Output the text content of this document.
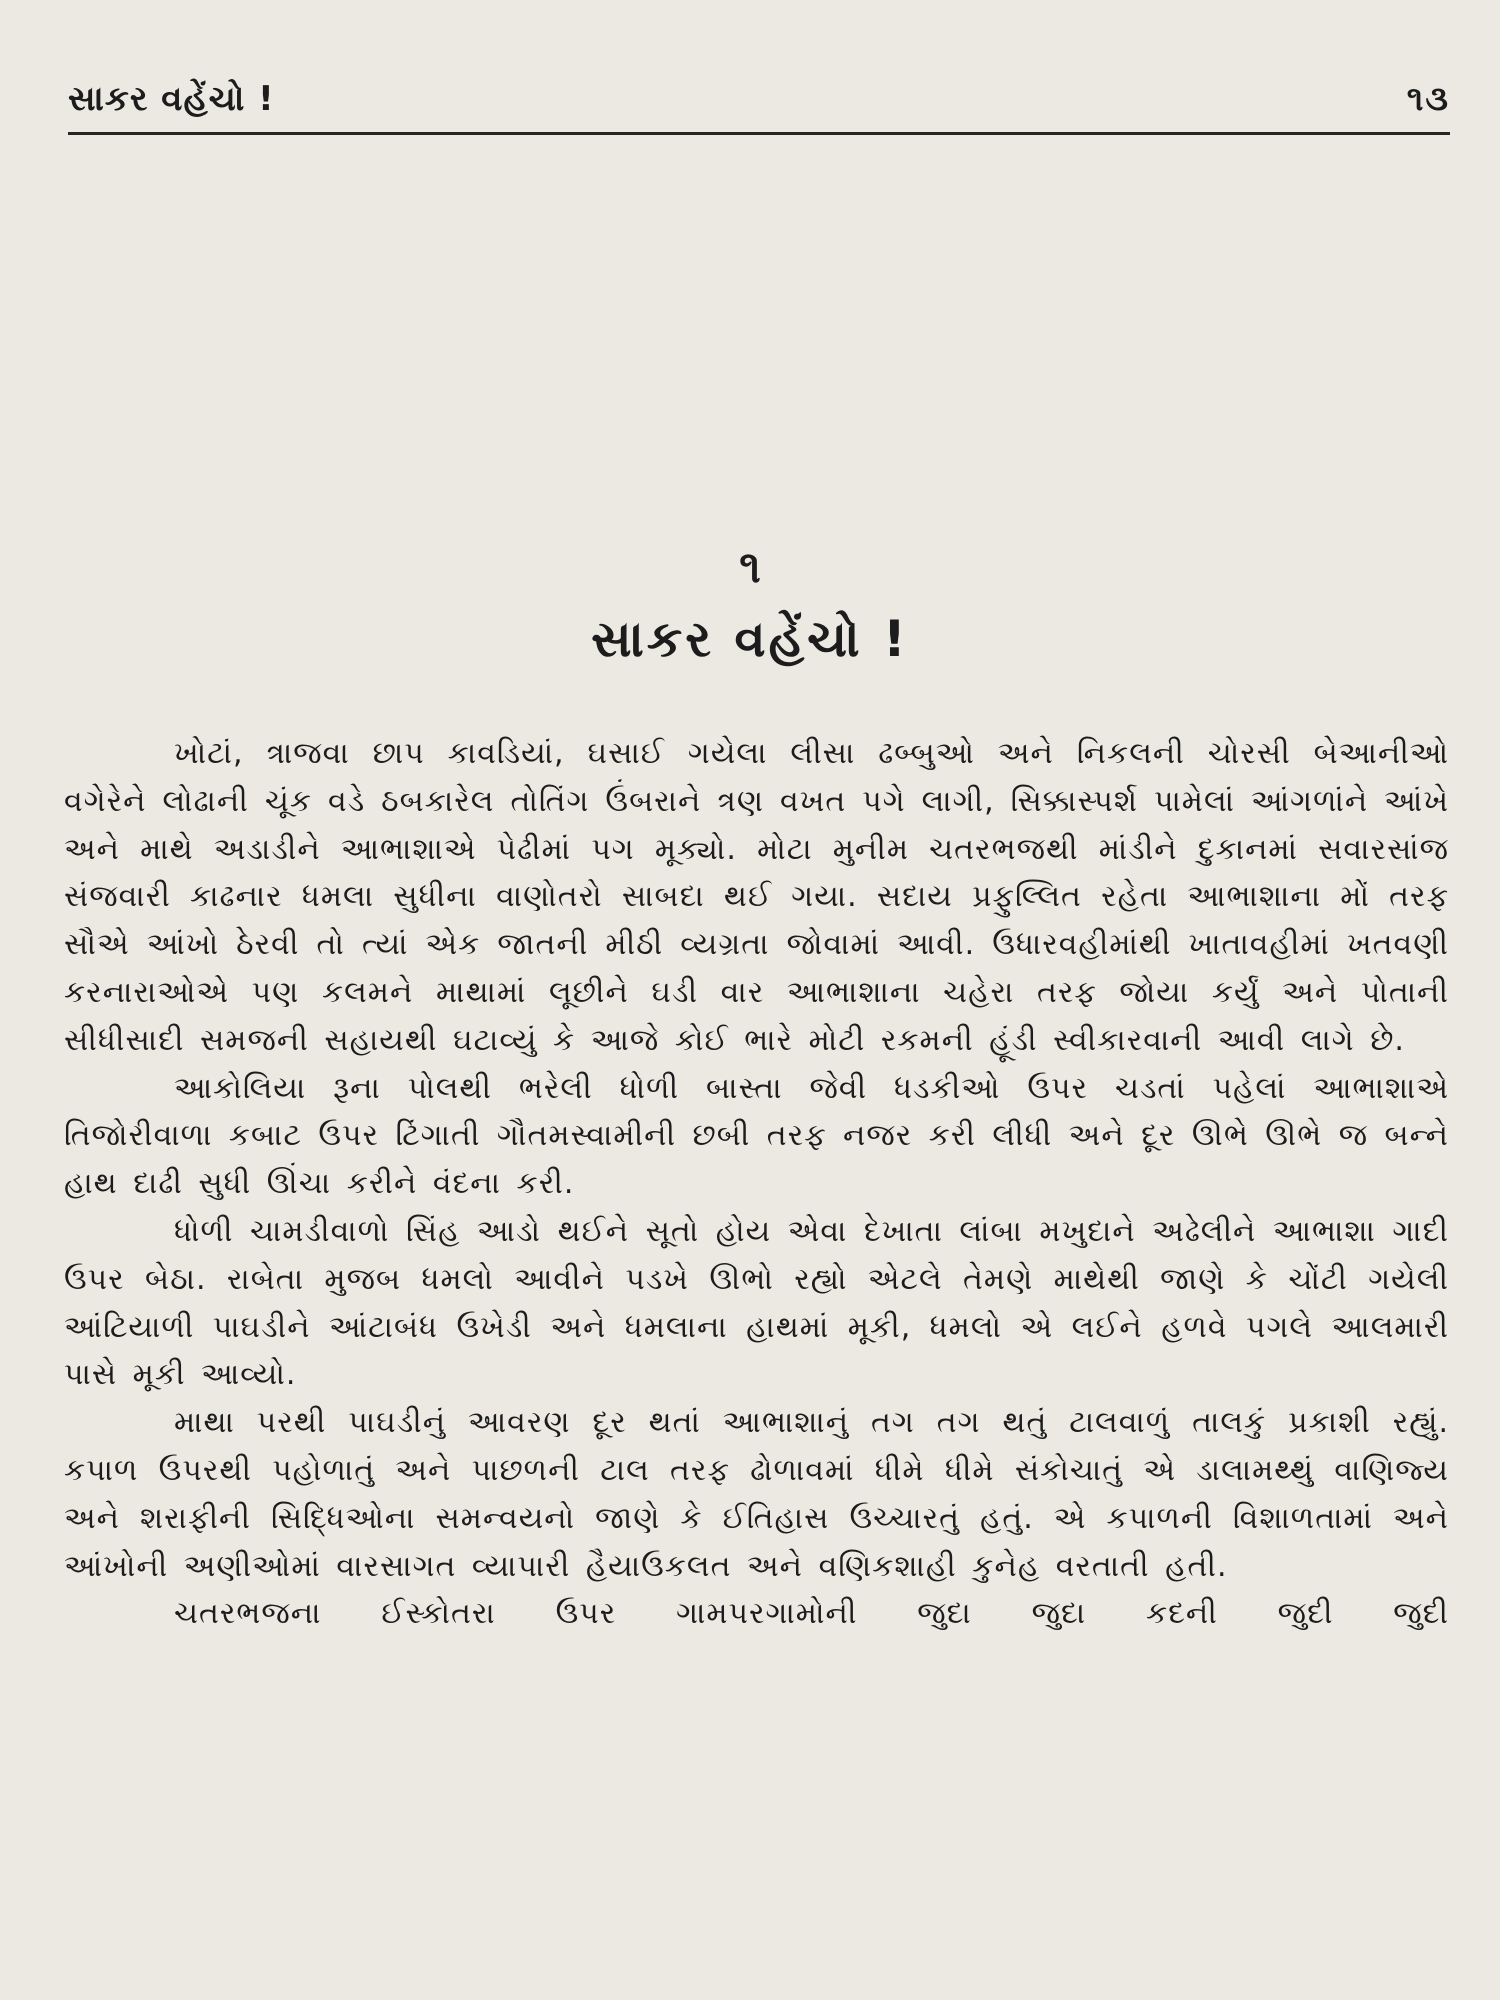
સાકર વહેંચો !	૧૩
૧
સાકર વહેંચો !

ખોટાં, ત્રાજવા છાપ કાવડિયાં, ઘસાઈ ગયેલા લીસા ઢબ્બુઓ અને નિકલની ચોરસી બેઆનીઓ વગેરેને લોઢાની ચૂંક વડે ઠબકારેલ તોતિંગ ઉંબરાને ત્રણ વખત પગે લાગી, સિક્કાસ્પર્શ પામેલાં આંગળાંને આંખે અને માથે અડાડીને આભાશાએ પેઢીમાં પગ મૂક્યો. મોટા મુનીમ ચતરભજથી માંડીને દુકાનમાં સવારસાંજ સંજવારી કાઢનાર ધમલા સુધીના વાણોતરો સાબદા થઈ ગયા. સદાય પ્રફુલ્લિત રહેતા આભાશાના મોં તરફ સૌએ આંખો ઠેરવી તો ત્યાં એક જાતની મીઠી વ્યગ્રતા જોવામાં આવી. ઉધારવહીમાંથી ખાતાવહીમાં ખતવણી કરનારાઓએ પણ કલમને માથામાં લૂછીને ઘડી વાર આભાશાના ચહેરા તરફ જોયા કર્યું અને પોતાની સીધીસાદી સમજની સહાયથી ઘટાવ્યું કે આજે કોઈ ભારે મોટી રકમની હૂંડી સ્વીકારવાની આવી લાગે છે.

આકોલિયા રૂના પોલથી ભરેલી ધોળી બાસ્તા જેવી ધડકીઓ ઉપર ચડતાં પહેલાં આભાશાએ તિજોરીવાળા કબાટ ઉપર ટિંગાતી ગૌતમસ્વામીની છબી તરફ નજર કરી લીધી અને દૂર ઊભે ઊભે જ બન્ને હાથ દાઢી સુધી ઊંચા કરીને વંદના કરી.

ધોળી ચામડીવાળો સિંહ આડો થઈને સૂતો હોય એવા દેખાતા લાંબા મખુદાને અઢેલીને આભાશા ગાદી ઉપર બેઠા. રાબેતા મુજબ ધમલો આવીને પડખે ઊભો રહ્યો એટલે તેમણે માથેથી જાણે કે ચોંટી ગયેલી આંટિયાળી પાઘડીને આંટાબંધ ઉખેડી અને ધમલાના હાથમાં મૂકી, ધમલો એ લઈને હળવે પગલે આલમારી પાસે મૂકી આવ્યો.

માથા પરથી પાઘડીનું આવરણ દૂર થતાં આભાશાનું તગ તગ થતું ટાલવાળું તાલકું પ્રકાશી રહ્યું. કપાળ ઉપરથી પહોળાતું અને પાછળની ટાલ તરફ ઢોળાવમાં ધીમે ધીમે સંકોચાતું એ ડાલામથ્થું વાણિજ્ય અને શરાફીની સિદ્ધિઓના સમન્વયનો જાણે કે ઈતિહાસ ઉચ્ચારતું હતું. એ કપાળની વિશાળતામાં અને આંખોની અણીઓમાં વારસાગત વ્યાપારી હૈયાઉકલત અને વણિકશાહી કુનેહ વરતાતી હતી.

ચતરભજના ઈસ્કોતરા ઉપર ગામપરગામોની જુદા જુદા કદની જુદી જુદી
